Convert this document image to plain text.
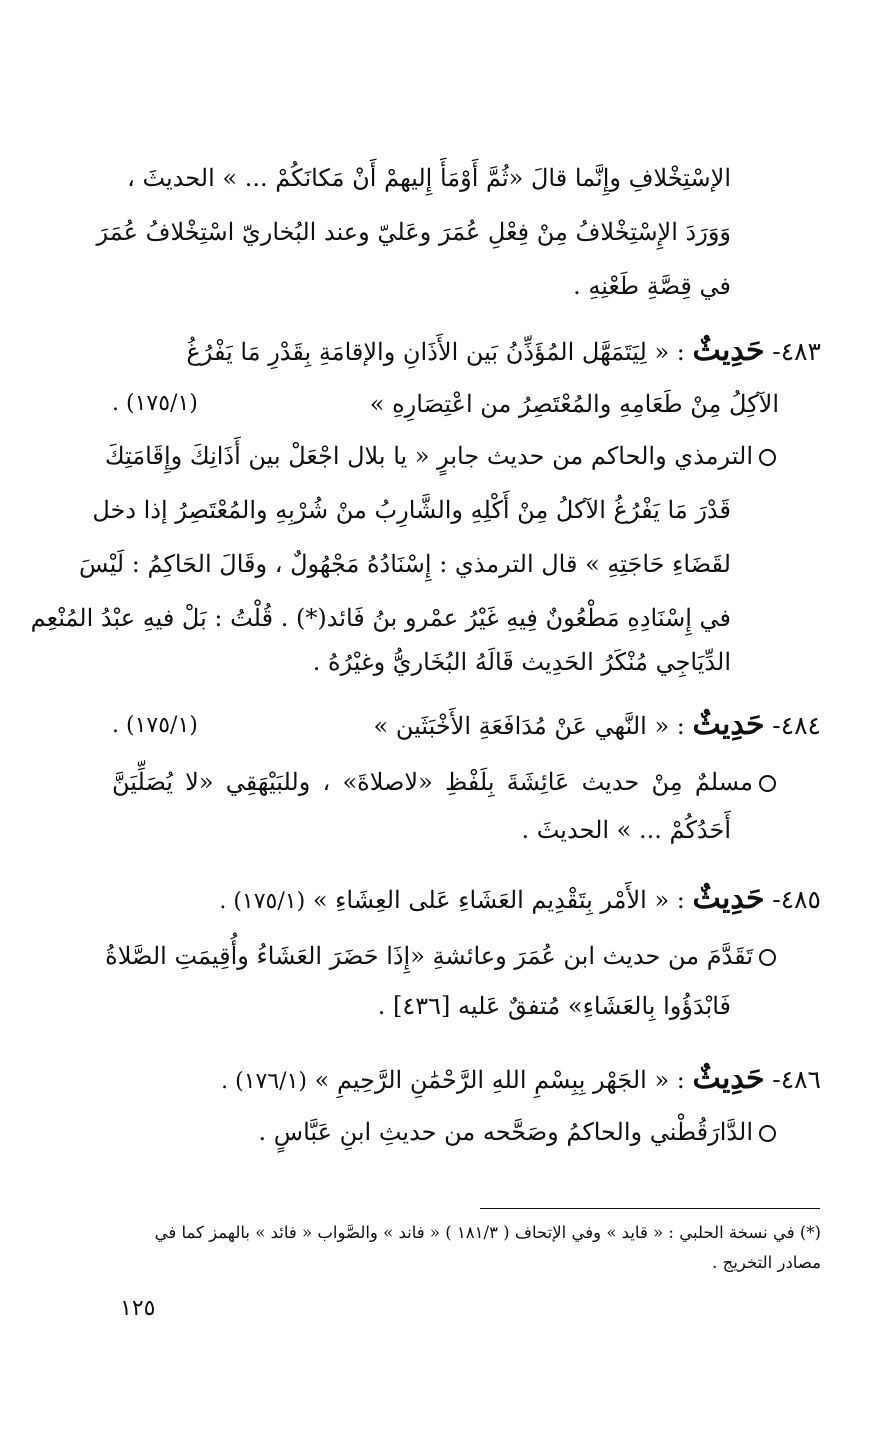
الإسْتِخْلافِ وإِنَّما قالَ «ثُمَّ أَوْمَأَ إِليهمْ أَنْ مَكانَكُمْ ... » الحديثَ ،
وَوَرَدَ الإِسْتِخْلافُ مِنْ فِعْلِ عُمَرَ وعَليّ وعند البُخاريّ اسْتِخْلافُ عُمَرَ
في قِصَّةِ طَعْنِهِ .
٤٨٣- حَدِيثٌ : « لِيَتَمَهَّل المُؤَذِّنُ بَين الأَذَانِ والإقامَةِ بِقَدْرِ مَا يَفْرُغُ
الآكِلُ مِنْ طَعَامِهِ والمُعْتَصِرُ من اعْتِصَارِهِ »
(١٧٥/١) .
الترمذي والحاكم من حديث جابرٍ « يا بلال اجْعَلْ بين أَذَانِكَ وإِقَامَتِكَ
قَدْرَ مَا يَفْرُغُ الآكلُ مِنْ أَكْلِهِ والشَّارِبُ منْ شُرْبِهِ والمُعْتَصِرُ إذا دخل
لقَضَاءِ حَاجَتِهِ » قال الترمذي : إِسْنَادُهُ مَجْهُولٌ ، وقَالَ الحَاكِمُ : لَيْسَ
في إِسْنَادِهِ مَطْعُونٌ فِيهِ غَيْرُ عمْرو بنُ فَائد(*) . قُلْتُ : بَلْ فيهِ عبْدُ المُنْعِم
الدِّيَاجِي مُنْكَرُ الحَدِيث قَالَهُ البُخَاريُّ وغيْرُهُ .
٤٨٤- حَدِيثٌ : « النَّهي عَنْ مُدَافَعَةِ الأَخْبَثَين »
(١٧٥/١) .
مسلمٌ مِنْ حديث عَائِشَةَ بِلَفْظِ «لاصلاةَ» ، وللبَيْهَقِي «لا يُصَلِّيَنَّ
أَحَدُكُمْ ... » الحديثَ .
٤٨٥- حَدِيثٌ : « الأَمْر بِتَقْدِيم العَشَاءِ عَلى العِشَاءِ » (١٧٥/١) .
تَقَدَّمَ من حديث ابن عُمَرَ وعائشةِ «إِذَا حَضَرَ العَشَاءُ وأُقِيمَتِ الصَّلاةُ
فَابْدَؤُوا بِالعَشَاءِ» مُتفقٌ عَليه [٤٣٦] .
٤٨٦- حَدِيثٌ : « الجَهْر بِبِسْمِ اللهِ الرَّحْمَٰنِ الرَّحِيمِ » (١٧٦/١) .
الدَّارَقُطْني والحاكمُ وصَحَّحه من حديثِ ابنِ عَبَّاسٍ .
(*) في نسخة الحلبي : « قايد » وفي الإتحاف ( ١٨١/٣ ) « فاند » والصَّواب « فائد » بالهمز كما في
مصادر التخريج .
١٢٥
